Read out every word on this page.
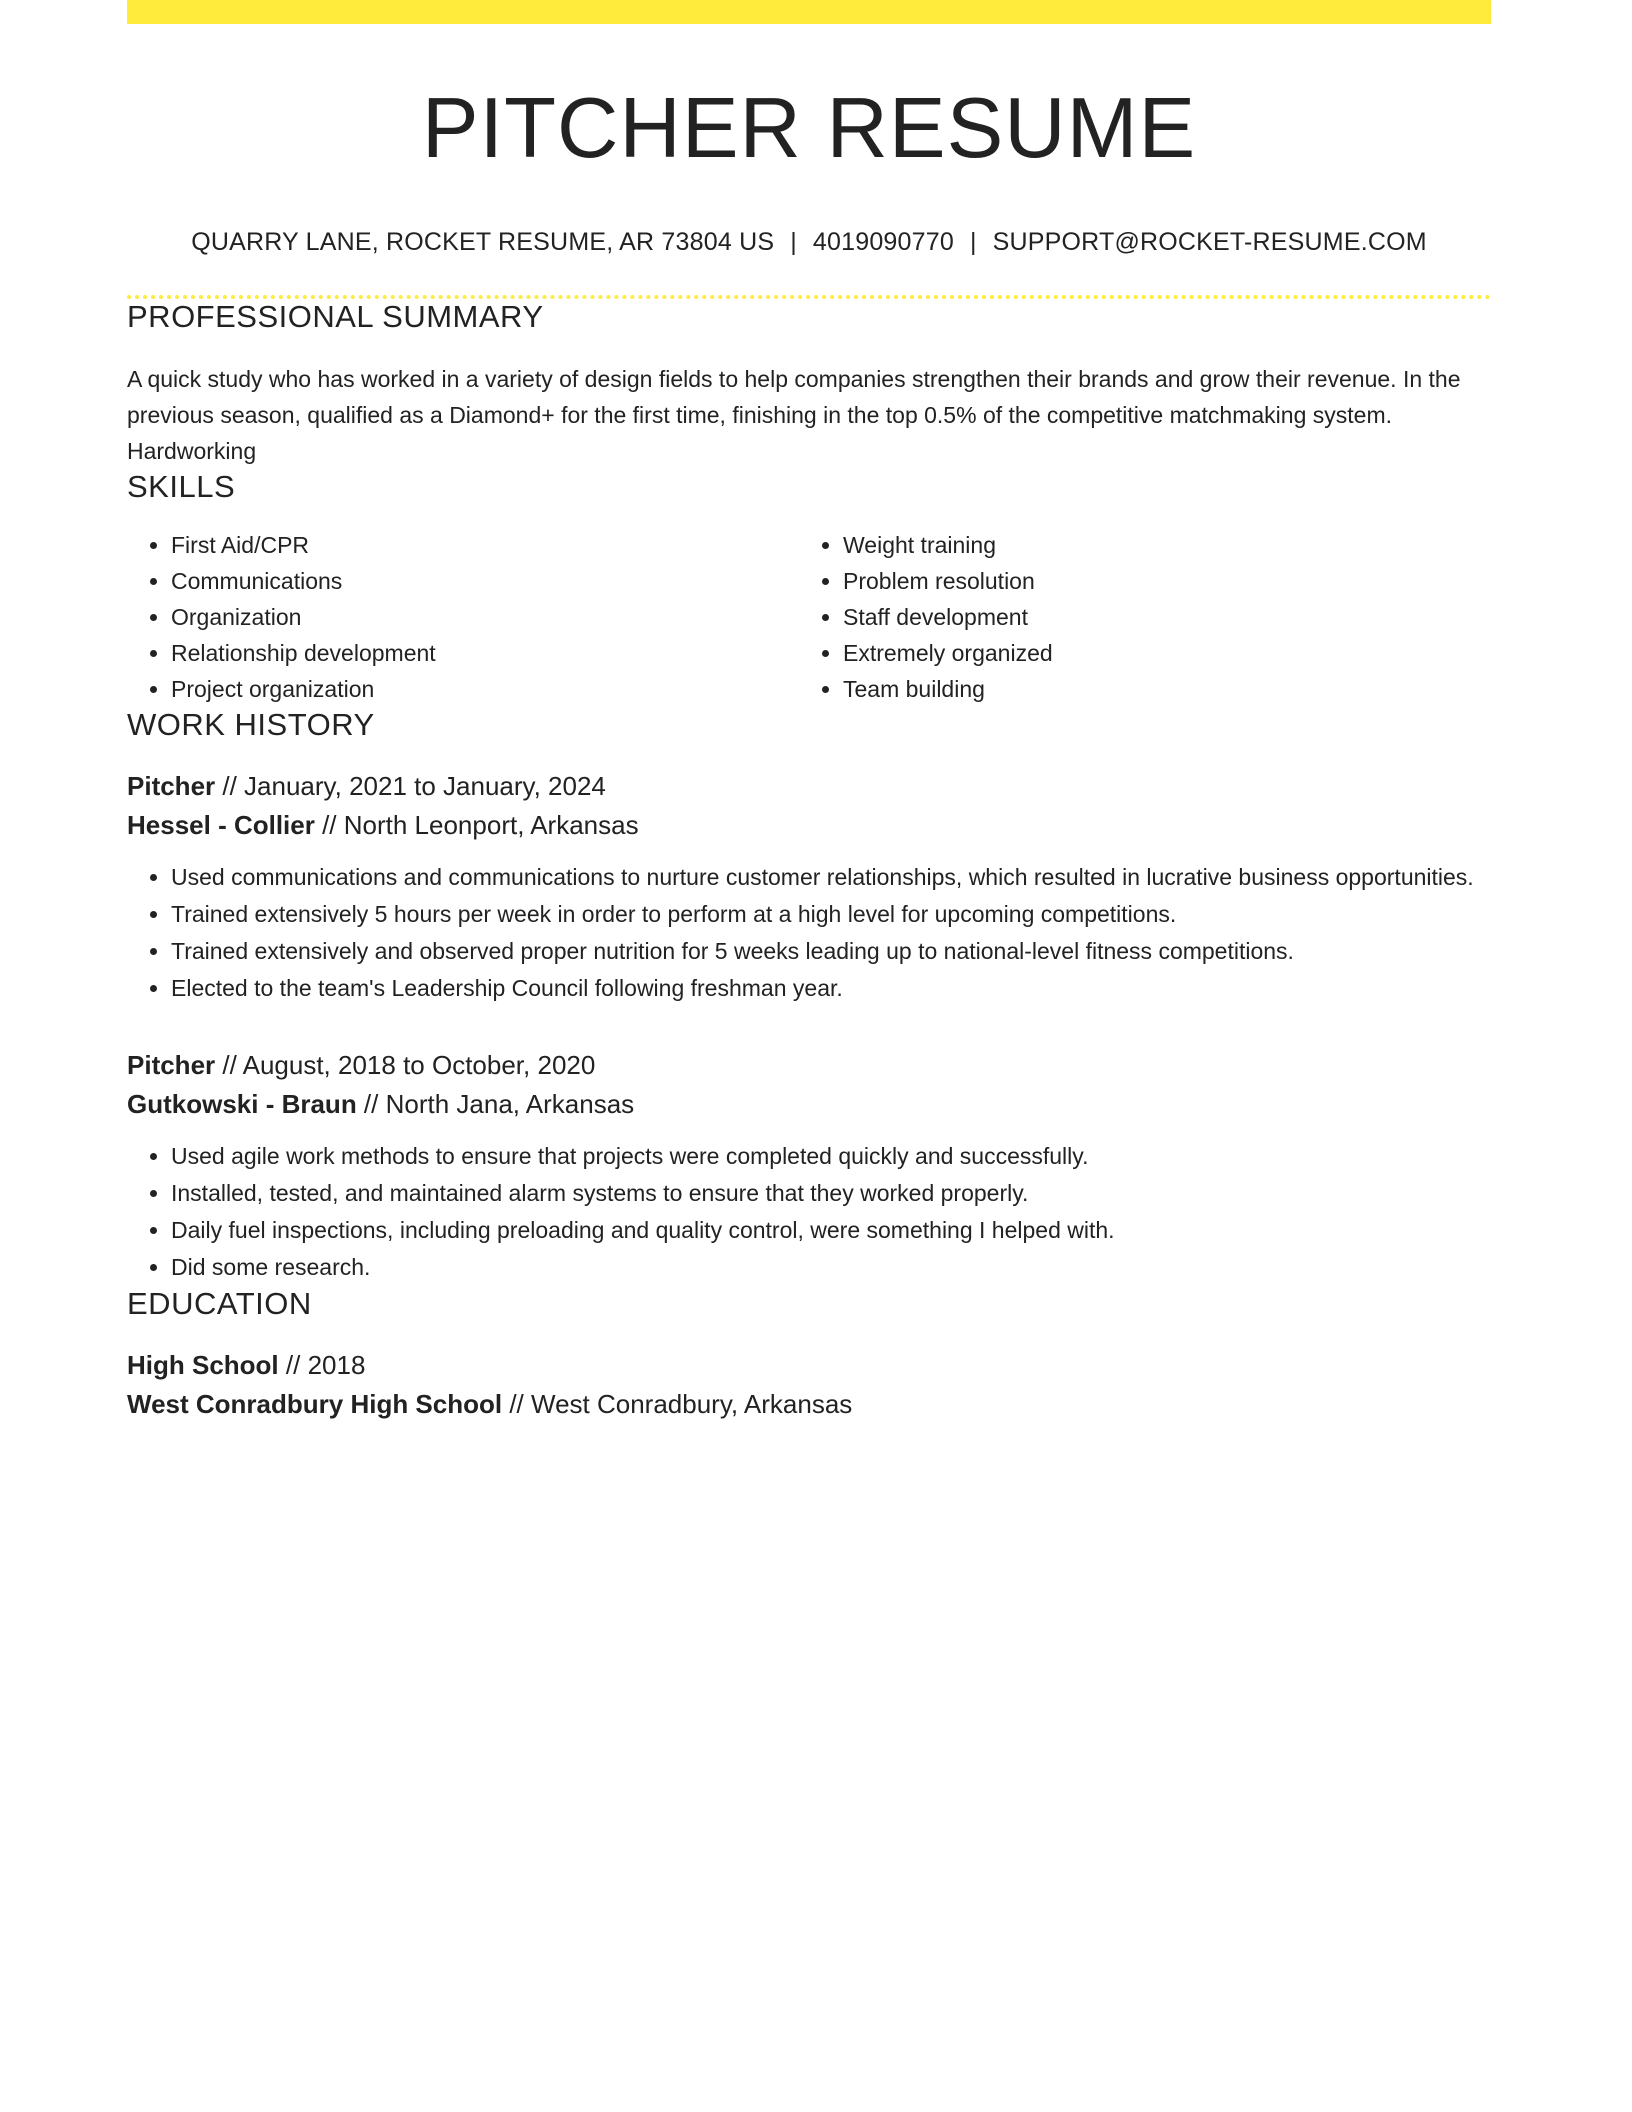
PITCHER RESUME
QUARRY LANE, ROCKET RESUME, AR 73804 US | 4019090770 | SUPPORT@ROCKET-RESUME.COM
PROFESSIONAL SUMMARY

A quick study who has worked in a variety of design fields to help companies strengthen their brands and grow their revenue. In the previous season, qualified as a Diamond+ for the first time, finishing in the top 0.5% of the competitive matchmaking system. Hardworking

SKILLS
• First Aid/CPR
• Communications
• Organization
• Relationship development
• Project organization
• Weight training
• Problem resolution
• Staff development
• Extremely organized
• Team building
WORK HISTORY
Pitcher // January, 2021 to January, 2024
Hessel - Collier // North Leonport, Arkansas
• Used communications and communications to nurture customer relationships, which resulted in lucrative business opportunities.
• Trained extensively 5 hours per week in order to perform at a high level for upcoming competitions.
• Trained extensively and observed proper nutrition for 5 weeks leading up to national-level fitness competitions.
• Elected to the team's Leadership Council following freshman year.
Pitcher // August, 2018 to October, 2020
Gutkowski - Braun // North Jana, Arkansas
• Used agile work methods to ensure that projects were completed quickly and successfully.
• Installed, tested, and maintained alarm systems to ensure that they worked properly.
• Daily fuel inspections, including preloading and quality control, were something I helped with.
• Did some research.
EDUCATION
High School // 2018
West Conradbury High School // West Conradbury, Arkansas
